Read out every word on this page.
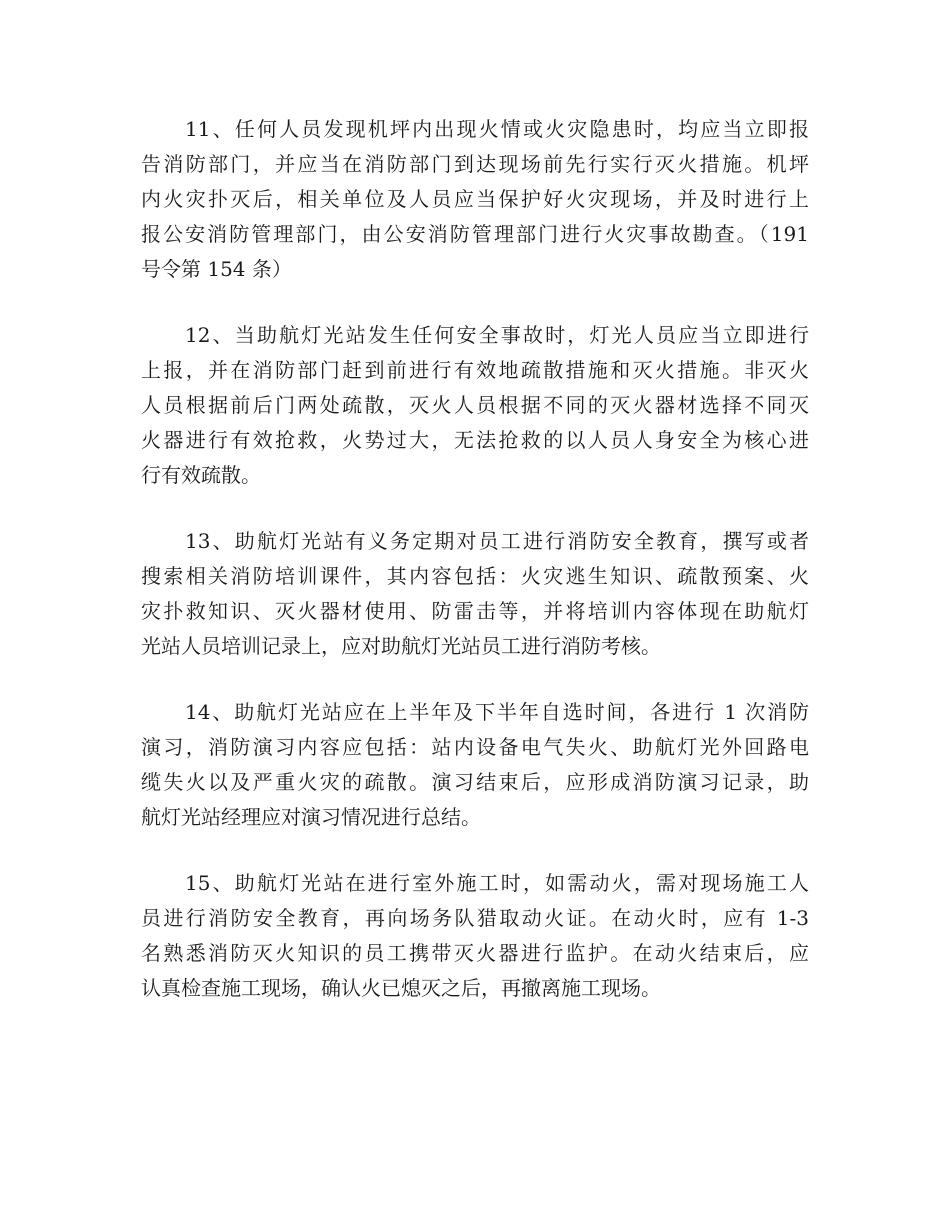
11、任何人员发现机坪内出现火情或火灾隐患时，均应当立即报
告消防部门，并应当在消防部门到达现场前先行实行灭火措施。机坪
内火灾扑灭后，相关单位及人员应当保护好火灾现场，并及时进行上
报公安消防管理部门，由公安消防管理部门进行火灾事故勘查。（191
号令第 154 条）
12、当助航灯光站发生任何安全事故时，灯光人员应当立即进行
上报，并在消防部门赶到前进行有效地疏散措施和灭火措施。非灭火
人员根据前后门两处疏散，灭火人员根据不同的灭火器材选择不同灭
火器进行有效抢救，火势过大，无法抢救的以人员人身安全为核心进
行有效疏散。
13、助航灯光站有义务定期对员工进行消防安全教育，撰写或者
搜索相关消防培训课件，其内容包括：火灾逃生知识、疏散预案、火
灾扑救知识、灭火器材使用、防雷击等，并将培训内容体现在助航灯
光站人员培训记录上，应对助航灯光站员工进行消防考核。
14、助航灯光站应在上半年及下半年自选时间，各进行 1 次消防
演习，消防演习内容应包括：站内设备电气失火、助航灯光外回路电
缆失火以及严重火灾的疏散。演习结束后，应形成消防演习记录，助
航灯光站经理应对演习情况进行总结。
15、助航灯光站在进行室外施工时，如需动火，需对现场施工人
员进行消防安全教育，再向场务队猎取动火证。在动火时，应有 1-3
名熟悉消防灭火知识的员工携带灭火器进行监护。在动火结束后，应
认真检查施工现场，确认火已熄灭之后，再撤离施工现场。
